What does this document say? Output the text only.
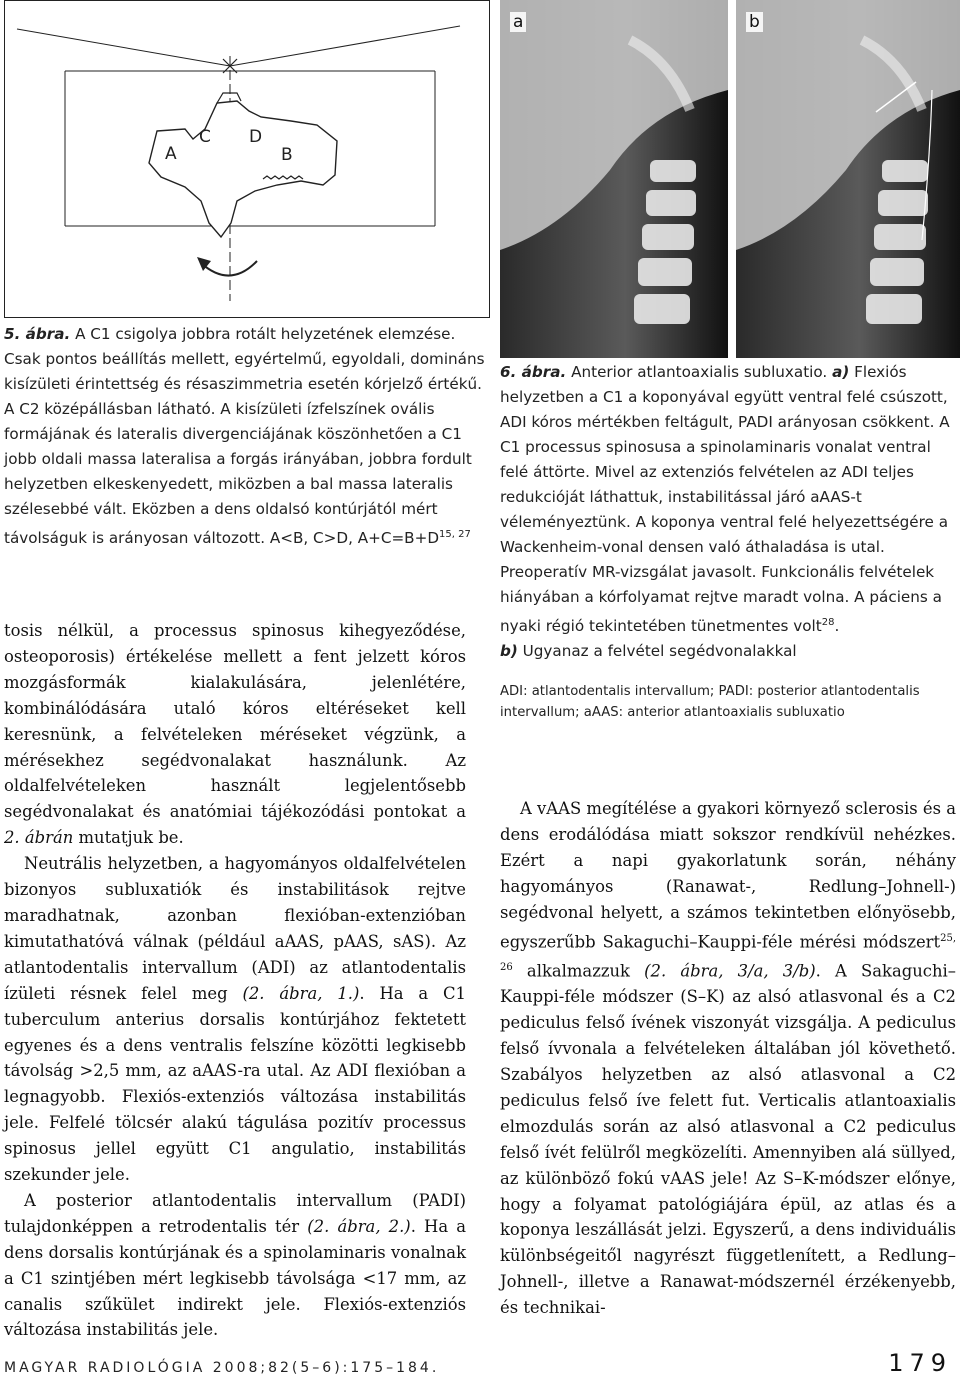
A
C D
B
a	b
5. ábra. A C1 csigolya jobbra rotált helyzetének elemzése. Csak pontos beállítás mellett, egyértelmű, egyoldali, domináns kisízületi érintettség és résaszimmetria esetén kórjelző értékű. A C2 középállásban látható. A kisízületi ízfelszínek ovális formájának és lateralis divergenciájának köszönhetően a C1 jobb oldali massa lateralisa a forgás irányában, jobbra fordult helyzetben elkeskenyedett, miközben a bal massa lateralis szélesebbé vált. Eközben a dens oldalsó kontúrjától mért távolságuk is arányosan változott. A<B, C>D, $A+C=B+D^{15, 27}$
6. ábra. Anterior atlantoaxialis subluxatio. a) Flexiós helyzetben a C1 a koponyával együtt ventral felé csúszott, ADI kóros mértékben feltágult, PADI arányosan csökkent. A C1 processus spinosusa a spinolaminaris vonalat ventral felé áttörte. Mivel az extenziós felvételen az ADI teljes redukcióját láthattuk, instabilitással járó aAAS-t véleményeztünk. A koponya ventral felé helyezettségére a Wackenheim-vonal densen való áthaladása is utal. Preoperatív MR-vizsgálat javasolt. Funkcionális felvételek hiányában a kórfolyamat rejtve maradt volna. A páciens a nyaki régió tekintetében tünetmentes volt$^{28}$.
b) Ugyanaz a felvétel segédvonalakkal
ADI: atlantodentalis intervallum; PADI: posterior atlantodentalis intervallum; aAAS: anterior atlantoaxialis subluxatio

tosis nélkül, a processus spinosus kihegyeződése, osteoporosis) értékelése mellett a fent jelzett kóros mozgásformák kialakulására, jelenlétére, kombinálódására utaló kóros eltéréseket kell keresnünk, a felvételeken méréseket végzünk, a mérésekhez segédvonalakat használunk. Az oldalfelvételeken használt legjelentősebb segédvonalakat és anatómiai tájékozódási pontokat a 2. ábrán mutatjuk be.

Neutrális helyzetben, a hagyományos oldalfelvételen bizonyos subluxatiók és instabilitások rejtve maradhatnak, azonban flexióban-extenzióban kimutathatóvá válnak (például aAAS, pAAS, sAS). Az atlantodentalis intervallum (ADI) az atlantodentalis ízületi résnek felel meg (2. ábra, 1.). Ha a C1 tuberculum anterius dorsalis kontúrjához fektetett egyenes és a dens ventralis felszíne közötti legkisebb távolság >2,5 mm, az aAAS-ra utal. Az ADI flexióban a legnagyobb. Flexiós-extenziós változása instabilitás jele. Felfelé tölcsér alakú tágulása pozitív processus spinosus jellel együtt C1 angulatio, instabilitás szekunder jele.

A posterior atlantodentalis intervallum (PADI) tulajdonképpen a retrodentalis tér (2. ábra, 2.). Ha a dens dorsalis kontúrjának és a spinolaminaris vonalnak a C1 szintjében mért legkisebb távolsága <17 mm, az canalis szűkület indirekt jele. Flexiós-extenziós változása instabilitás jele.

A vAAS megítélése a gyakori környező sclerosis és a dens erodálódása miatt sokszor rendkívül nehézkes. Ezért a napi gyakorlatunk során, néhány hagyományos (Ranawat-, Redlung–Johnell-) segédvonal helyett, a számos tekintetben előnyösebb, egyszerűbb Sakaguchi–Kauppi-féle mérési módszert$^{25, 26}$ alkalmazzuk (2. ábra, 3/a, 3/b). A Sakaguchi–Kauppi-féle módszer (S–K) az alsó atlasvonal és a C2 pediculus felső ívének viszonyát vizsgálja. A pediculus felső ívvonala a felvételeken általában jól követhető. Szabályos helyzetben az alsó atlasvonal a C2 pediculus felső íve felett fut. Verticalis atlantoaxialis elmozdulás során az alsó atlasvonal a C2 pediculus felső ívét felülről megközelíti. Amennyiben alá süllyed, az különböző fokú vAAS jele! Az S–K-módszer előnye, hogy a folyamat patológiájára épül, az atlas és a koponya leszállását jelzi. Egyszerű, a dens individuális különbségeitől nagyrészt függetlenített, a Redlung–Johnell-, illetve a Ranawat-módszernél érzékenyebb, és technikai-

MAGYAR RADIOLÓGIA 2008;82(5–6):175–184.	179
